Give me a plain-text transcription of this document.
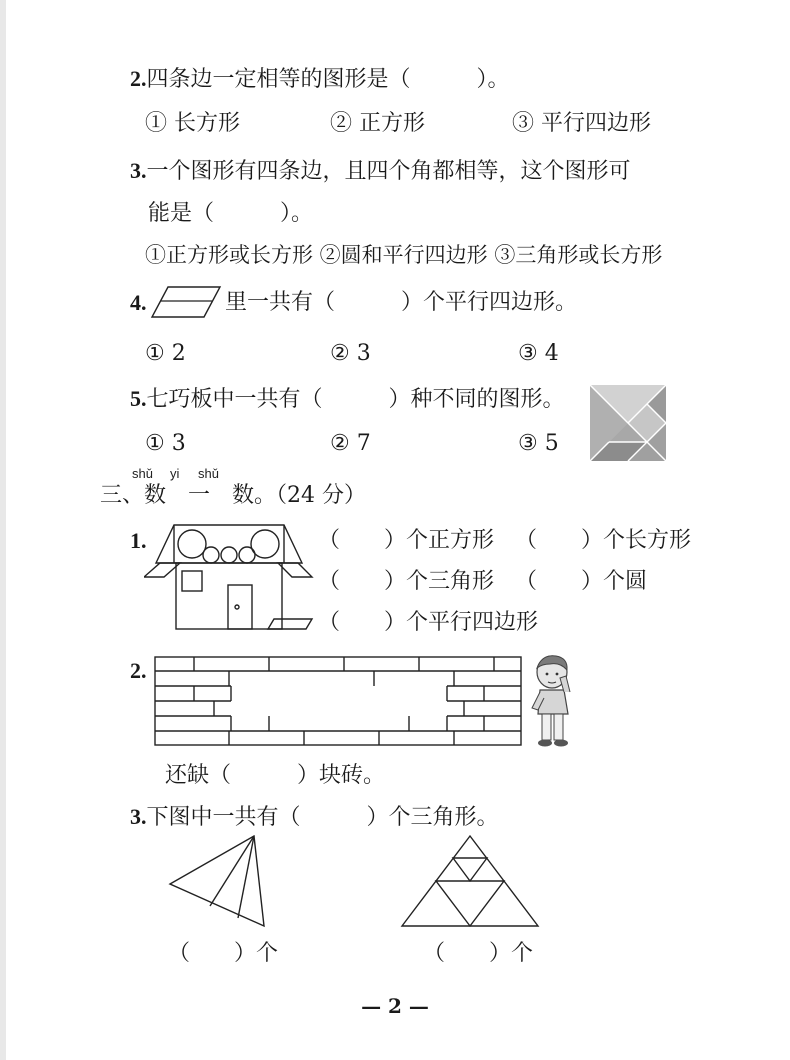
2.四条边一定相等的图形是（　　　）。
① 长方形	② 正方形	③ 平行四边形
3.一个图形有四条边，且四个角都相等，这个图形可
能是（　　　）。
①正方形或长方形 ②圆和平行四边形 ③三角形或长方形
4.	里一共有（　　　）个平行四边形。
① 2	② 3	③ 4
5.七巧板中一共有（　　　）种不同的图形。
① 3	② 7	③ 5
shǔ yi shǔ
三、数　一　数。（24 分）
1.	（　　）个正方形 （　　）个长方形
（　　）个三角形 （　　）个圆
（　　）个平行四边形
2.
还缺（　　　）块砖。
3.下图中一共有（　　　）个三角形。
（　　）个	（　　）个
— 2 —
